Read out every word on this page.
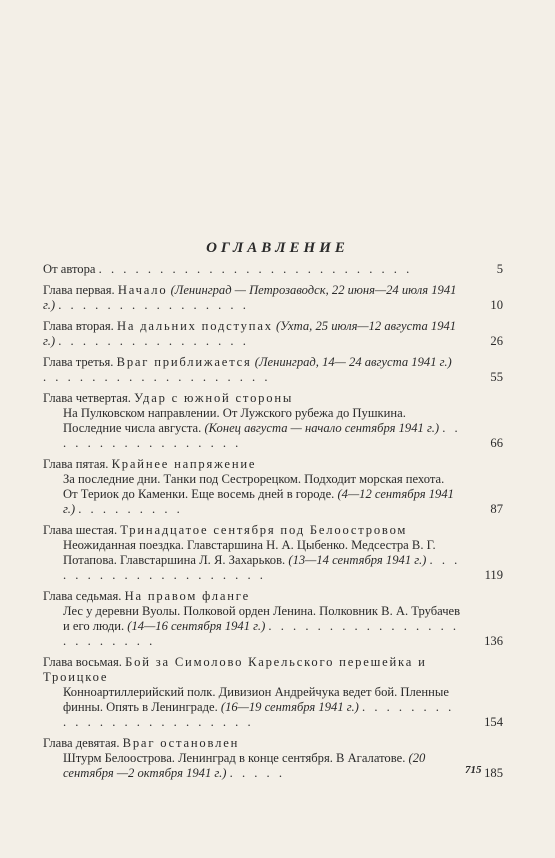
ОГЛАВЛЕНИЕ
От автора . . . . . . . . . . . . . . . . . . . . . . . . . .	5
Глава первая. Начало (Ленинград — Петрозаводск, 22 июня—24 июля 1941 г.) . . . . . . . . . . . . . . . .	10
Глава вторая. На дальних подступах (Ухта, 25 июля—12 августа 1941 г.) . . . . . . . . . . . . . . . .	26
Глава третья. Враг приближается (Ленинград, 14— 24 августа 1941 г.) . . . . . . . . . . . . . . . . . . .	55
Глава четвертая. Удар с южной стороны
На Пулковском направлении. От Лужского рубежа до Пушкина. Последние числа августа. (Конец августа — начало сентября 1941 г.) . . . . . . . . . . . . . . . . .	66
Глава пятая. Крайнее напряжение
За последние дни. Танки под Сестрорецком. Подходит морская пехота. От Териок до Каменки. Еще восемь дней в городе. (4—12 сентября 1941 г.) . . . . . . . . .	87
Глава шестая. Тринадцатое сентября под Белоостровом
Неожиданная поездка. Главстаршина Н. А. Цыбенко. Медсестра В. Г. Потапова. Главстаршина Л. Я. Захарьков. (13—14 сентября 1941 г.) . . . . . . . . . . . . . . . . . . . .	119
Глава седьмая. На правом фланге
Лес у деревни Вуолы. Полковой орден Ленина. Полковник В. А. Трубачев и его люди. (14—16 сентября 1941 г.) . . . . . . . . . . . . . . . . . . . . . . . .	136
Глава восьмая. Бой за Симолово Карельского перешейка и Троицкое
Конноартиллерийский полк. Дивизион Андрейчука ведет бой. Пленные финны. Опять в Ленинграде. (16—19 сентября 1941 г.) . . . . . . . . . . . . . . . . . . . . . . . .	154
Глава девятая. Враг остановлен
Штурм Белоострова. Ленинград в конце сентября. В Агалатове. (20 сентября —2 октября 1941 г.) . . . . .	185
715
